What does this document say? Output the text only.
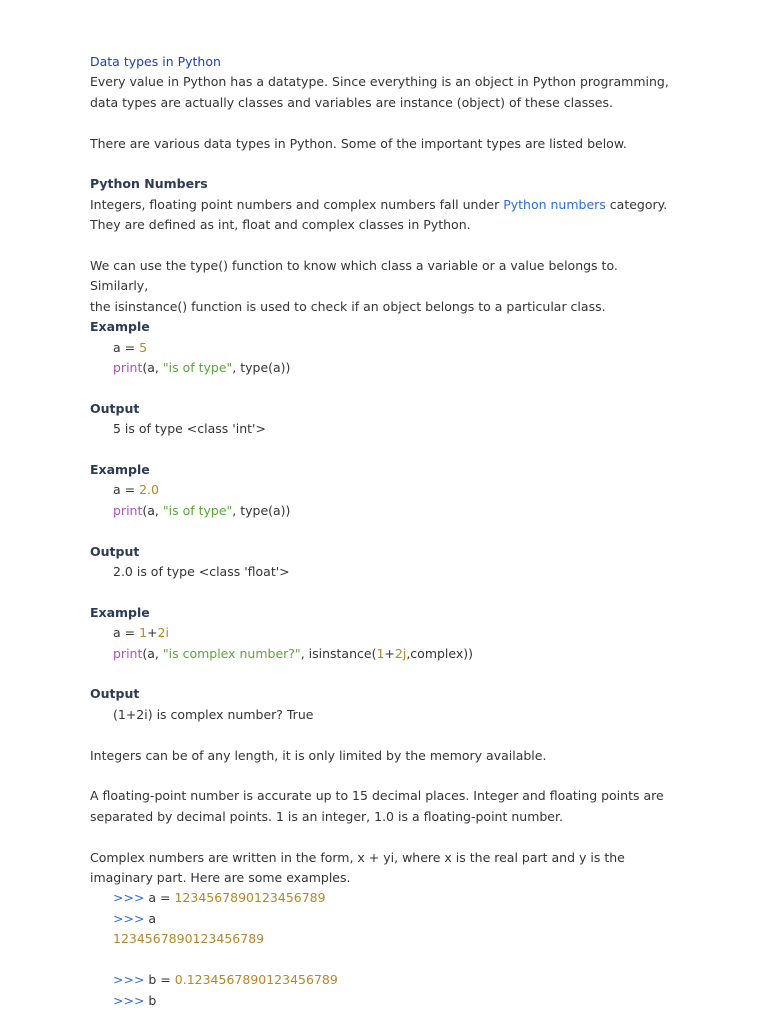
Data types in Python

Every value in Python has a datatype. Since everything is an object in Python programming,

data types are actually classes and variables are instance (object) of these classes.

There are various data types in Python. Some of the important types are listed below.

Python Numbers

Integers, floating point numbers and complex numbers fall under Python numbers category.

They are defined as int, float and complex classes in Python.

We can use the type() function to know which class a variable or a value belongs to. Similarly,

the isinstance() function is used to check if an object belongs to a particular class.

Example

a = 5

print(a, "is of type", type(a))

Output

5 is of type <class 'int'>

Example

a = 2.0

print(a, "is of type", type(a))

Output

2.0 is of type <class 'float'>

Example

a = 1+2i

print(a, "is complex number?", isinstance(1+2j,complex))

Output

(1+2i) is complex number? True

Integers can be of any length, it is only limited by the memory available.

A floating-point number is accurate up to 15 decimal places. Integer and floating points are

separated by decimal points. 1 is an integer, 1.0 is a floating-point number.

Complex numbers are written in the form, x + yi, where x is the real part and y is the

imaginary part. Here are some examples.

>>> a = 1234567890123456789

>>> a

1234567890123456789

>>> b = 0.1234567890123456789

>>> b
